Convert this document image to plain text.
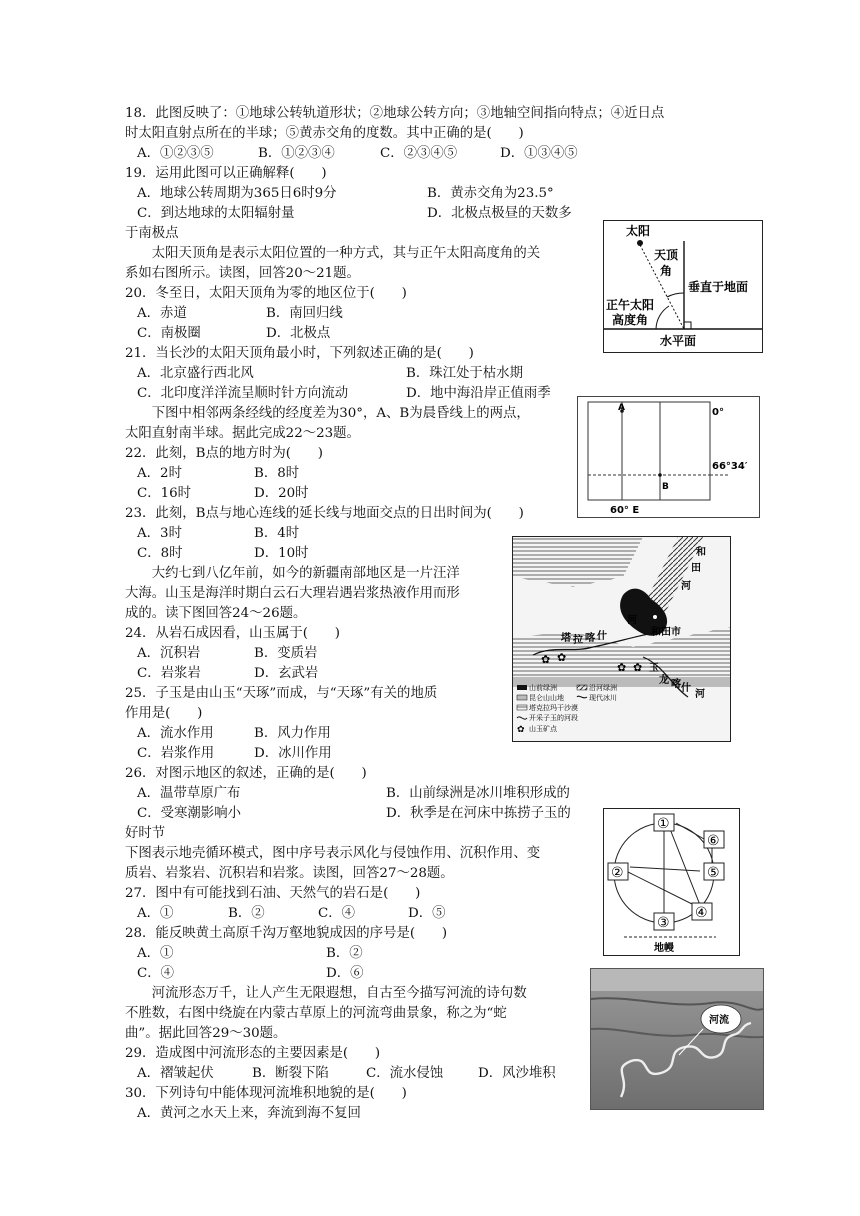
18．此图反映了：①地球公转轨道形状；②地球公转方向；③地轴空间指向特点；④近日点
时太阳直射点所在的半球；⑤黄赤交角的度数。其中正确的是(　　)
A．①②③⑤	B．①②③④	C．②③④⑤	D．①③④⑤
19．运用此图可以正确解释(　　)
A．地球公转周期为365日6时9分	B．黄赤交角为23.5°
C．到达地球的太阳辐射量	D．北极点极昼的天数多
于南极点
　　太阳天顶角是表示太阳位置的一种方式，其与正午太阳高度角的关
系如右图所示。读图，回答20～21题。
20．冬至日，太阳天顶角为零的地区位于(　　)
A．赤道	B．南回归线
C．南极圈	D．北极点
21．当长沙的太阳天顶角最小时，下列叙述正确的是(　　)
A．北京盛行西北风	B．珠江处于枯水期
C．北印度洋洋流呈顺时针方向流动	D．地中海沿岸正值雨季
　　下图中相邻两条经线的经度差为30°，A、B为晨昏线上的两点，
太阳直射南半球。据此完成22～23题。
22．此刻，B点的地方时为(　　)
A．2时	B．8时
C．16时	D．20时
23．此刻，B点与地心连线的延长线与地面交点的日出时间为(　　)
A．3时	B．4时
C．8时	D．10时
　　大约七到八亿年前，如今的新疆南部地区是一片汪洋
大海。山玉是海洋时期白云石大理岩遇岩浆热液作用而形
成的。读下图回答24～26题。
24．从岩石成因看，山玉属于(　　)
A．沉积岩	B．变质岩
C．岩浆岩	D．玄武岩
25．子玉是由山玉“天琢”而成，与“天琢”有关的地质
作用是(　　)
A．流水作用	B．风力作用
C．岩浆作用	D．冰川作用
26．对图示地区的叙述，正确的是(　　)
A．温带草原广布	B．山前绿洲是冰川堆积形成的
C．受寒潮影响小	D．秋季是在河床中拣捞子玉的
好时节
下图表示地壳循环模式，图中序号表示风化与侵蚀作用、沉积作用、变
质岩、岩浆岩、沉积岩和岩浆。读图，回答27～28题。
27．图中有可能找到石油、天然气的岩石是(　　)
A．①	B．②	C．④	D．⑤
28．能反映黄土高原千沟万壑地貌成因的序号是(　　)
A．①	B．②
C．④	D．⑥
　　河流形态万千，让人产生无限遐想，自古至今描写河流的诗句数
不胜数，右图中绕旋在内蒙古草原上的河流弯曲景象，称之为“蛇
曲”。据此回答29～30题。
29．造成图中河流形态的主要因素是(　　)
A．褶皱起伏	B．断裂下陷	C．流水侵蚀	D．风沙堆积
30．下列诗句中能体现河流堆积地貌的是(　　)
A．黄河之水天上来，奔流到海不复回
太阳
天顶
角
垂直于地面
正午太阳
高度角
水平面
A
B
0°
66°34′
60° E
和
田
河
塔 拉 喀 什	和田市
河
玉
龙 喀 什
河
✿ ✿
✿ ✿
山前绿洲	沿河绿洲
昆仑山山地	现代冰川
塔克拉玛干沙漠
开采子玉的河段
✿ 山玉矿点
①
⑥
②	⑤
④
③
地幔
河流
